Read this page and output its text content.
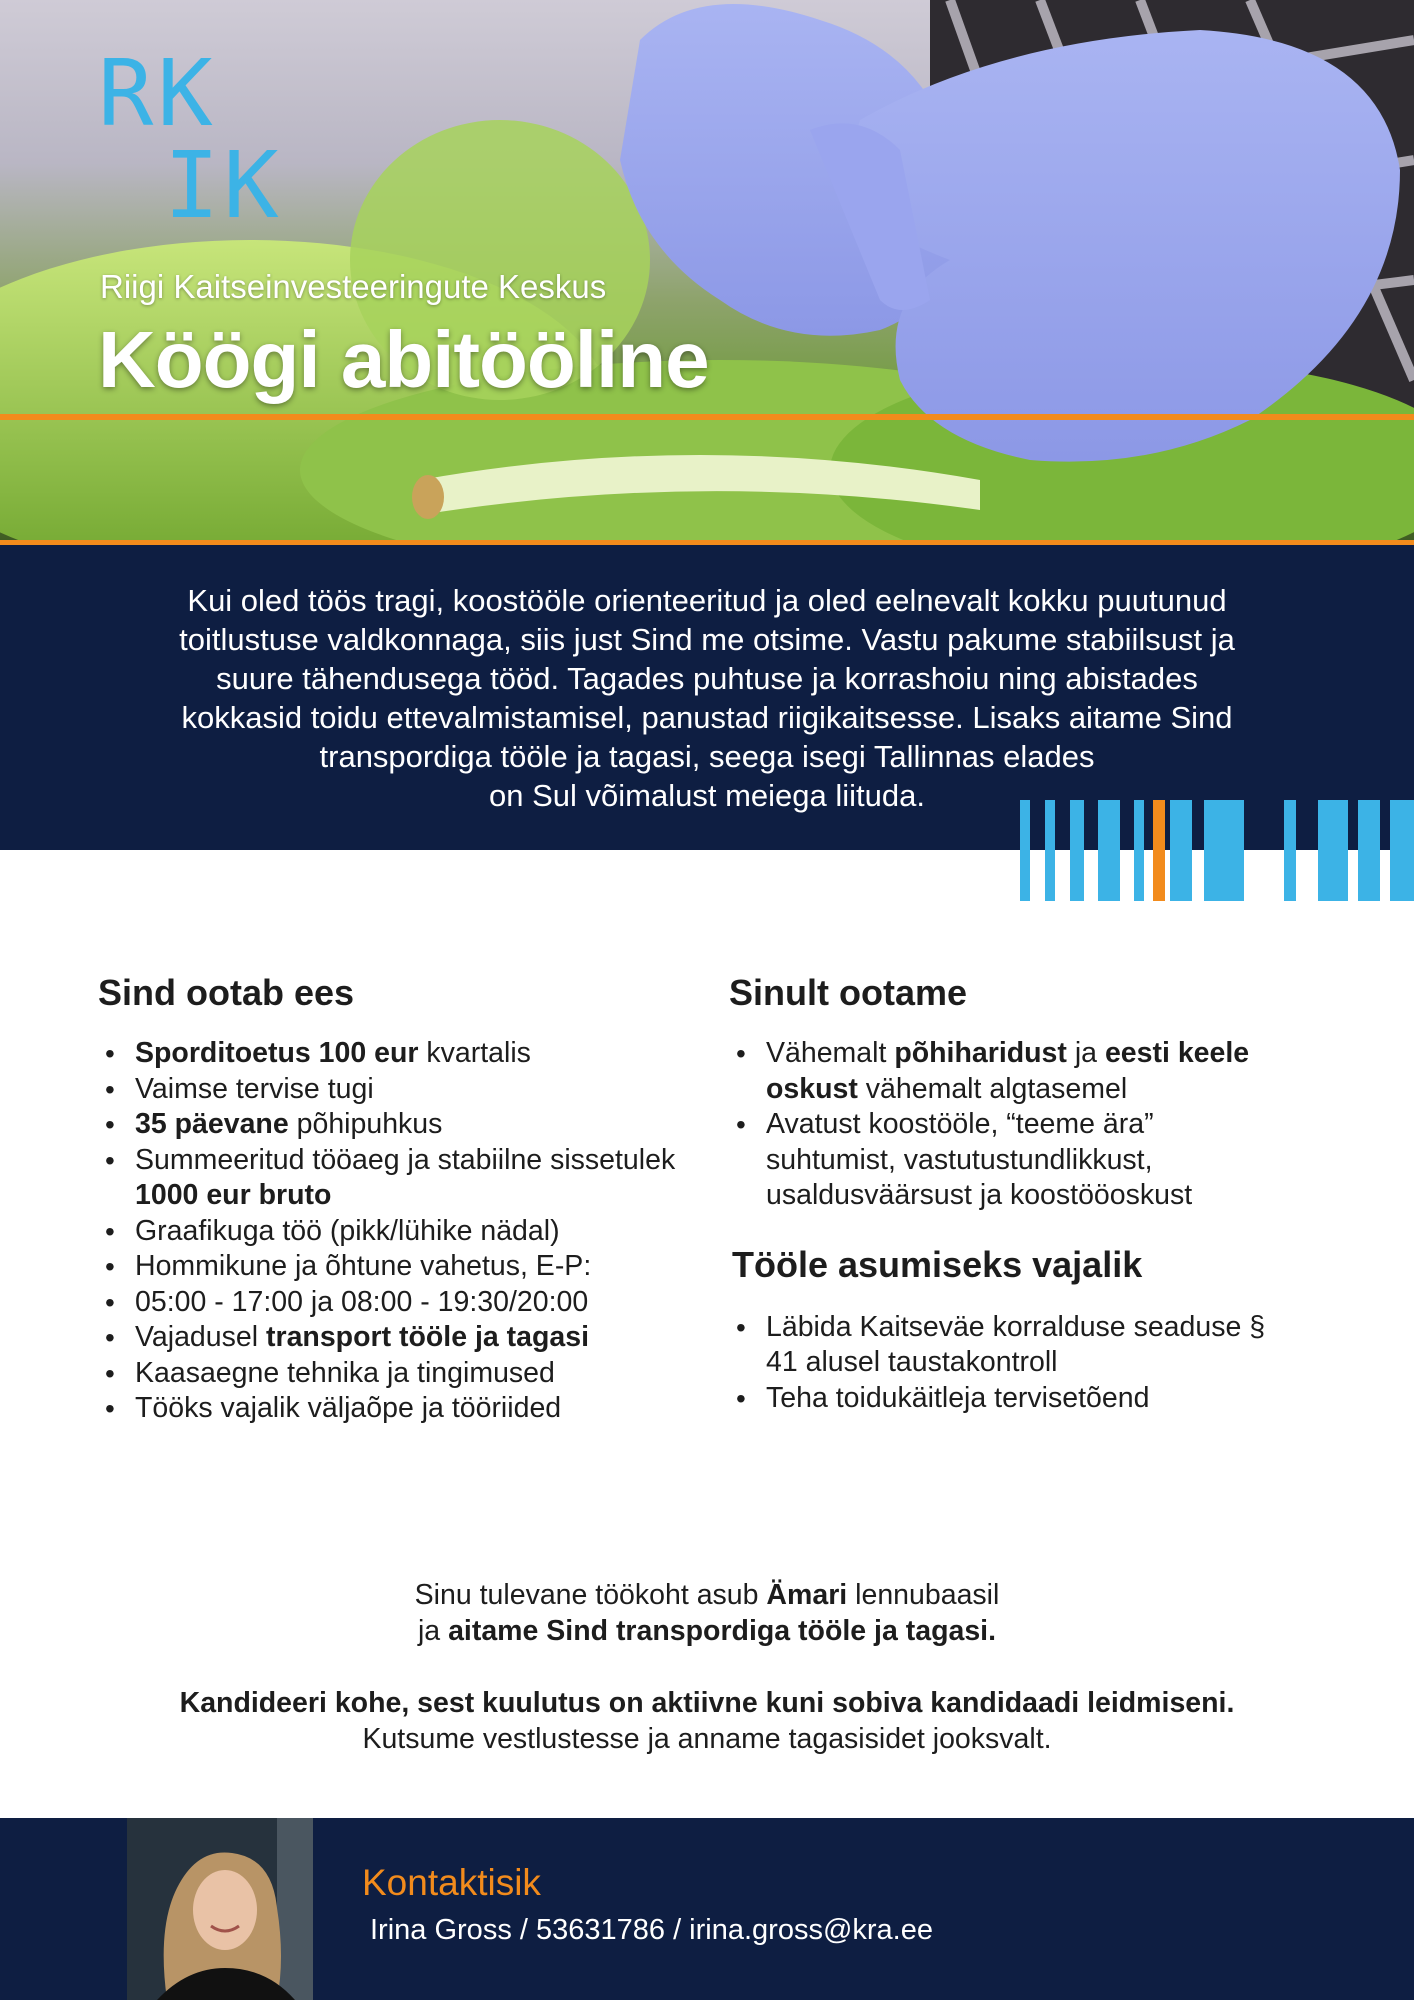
RK
IK
Riigi Kaitseinvesteeringute Keskus
Köögi abitööline

Kui oled töös tragi, koostööle orienteeritud ja oled eelnevalt kokku puutunud
toitlustuse valdkonnaga, siis just Sind me otsime. Vastu pakume stabiilsust ja
suure tähendusega tööd. Tagades puhtuse ja korrashoiu ning abistades
kokkasid toidu ettevalmistamisel, panustad riigikaitsesse. Lisaks aitame Sind
transpordiga tööle ja tagasi, seega isegi Tallinnas elades
on Sul võimalust meiega liituda.

Sind ootab ees
• Sporditoetus 100 eur kvartalis
• Vaimse tervise tugi
• 35 päevane põhipuhkus
• Summeeritud tööaeg ja stabiilne sissetulek 1000 eur bruto
• Graafikuga töö (pikk/lühike nädal)
• Hommikune ja õhtune vahetus, E-P:
• 05:00 - 17:00 ja 08:00 - 19:30/20:00
• Vajadusel transport tööle ja tagasi
• Kaasaegne tehnika ja tingimused
• Tööks vajalik väljaõpe ja tööriided
Sinult ootame
• Vähemalt põhiharidust ja eesti keele oskust vähemalt algtasemel
• Avatust koostööle, “teeme ära” suhtumist, vastutustundlikkust, usaldusväärsust ja koostööoskust
Tööle asumiseks vajalik
• Läbida Kaitseväe korralduse seaduse § 41 alusel taustakontroll
• Teha toidukäitleja tervisetõend
Sinu tulevane töökoht asub Ämari lennubaasil
ja aitame Sind transpordiga tööle ja tagasi.
Kandideeri kohe, sest kuulutus on aktiivne kuni sobiva kandidaadi leidmiseni.
Kutsume vestlustesse ja anname tagasisidet jooksvalt.
Kontaktisik
Irina Gross / 53631786 / irina.gross@kra.ee
